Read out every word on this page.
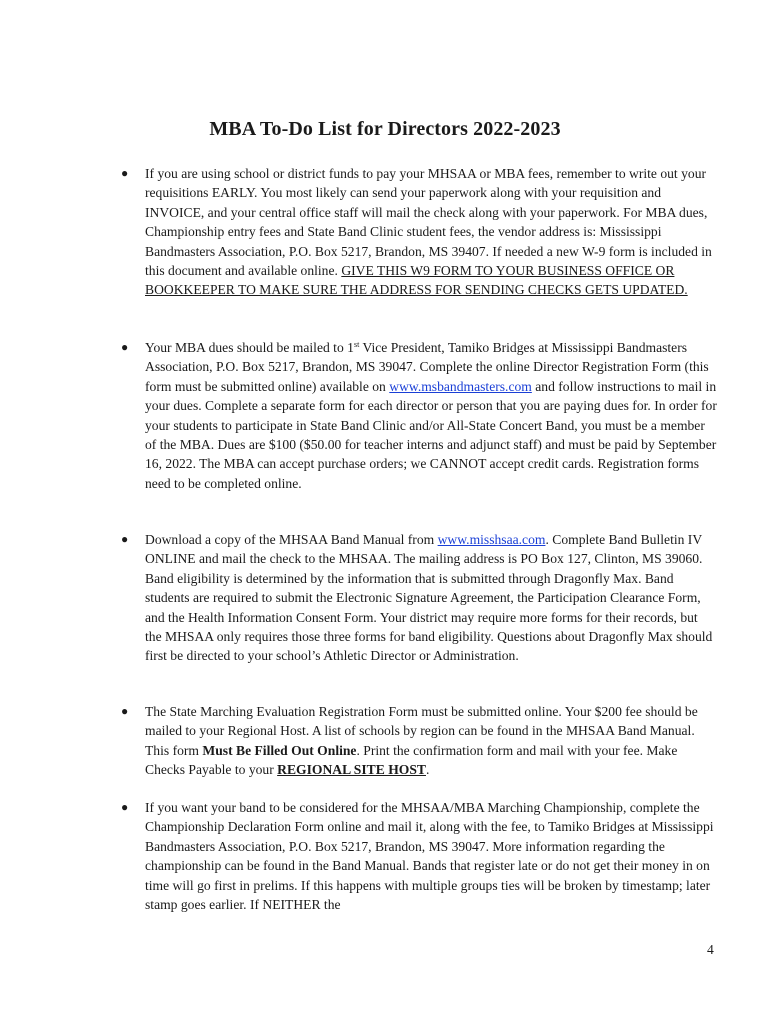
MBA To-Do List for Directors 2022-2023
● If you are using school or district funds to pay your MHSAA or MBA fees, remember to write out your requisitions EARLY. You most likely can send your paperwork along with your requisition and INVOICE, and your central office staff will mail the check along with your paperwork. For MBA dues, Championship entry fees and State Band Clinic student fees, the vendor address is: Mississippi Bandmasters Association, P.O. Box 5217, Brandon, MS 39407. If needed a new W-9 form is included in this document and available online. GIVE THIS W9 FORM TO YOUR BUSINESS OFFICE OR BOOKKEEPER TO MAKE SURE THE ADDRESS FOR SENDING CHECKS GETS UPDATED.
● Your MBA dues should be mailed to 1st Vice President, Tamiko Bridges at Mississippi Bandmasters Association, P.O. Box 5217, Brandon, MS 39047. Complete the online Director Registration Form (this form must be submitted online) available on www.msbandmasters.com and follow instructions to mail in your dues. Complete a separate form for each director or person that you are paying dues for. In order for your students to participate in State Band Clinic and/or All-State Concert Band, you must be a member of the MBA. Dues are $100 ($50.00 for teacher interns and adjunct staff) and must be paid by September 16, 2022. The MBA can accept purchase orders; we CANNOT accept credit cards. Registration forms need to be completed online.
● Download a copy of the MHSAA Band Manual from www.misshsaa.com. Complete Band Bulletin IV ONLINE and mail the check to the MHSAA. The mailing address is PO Box 127, Clinton, MS 39060. Band eligibility is determined by the information that is submitted through Dragonfly Max. Band students are required to submit the Electronic Signature Agreement, the Participation Clearance Form, and the Health Information Consent Form. Your district may require more forms for their records, but the MHSAA only requires those three forms for band eligibility. Questions about Dragonfly Max should first be directed to your school’s Athletic Director or Administration.
● The State Marching Evaluation Registration Form must be submitted online. Your $200 fee should be mailed to your Regional Host. A list of schools by region can be found in the MHSAA Band Manual. This form Must Be Filled Out Online. Print the confirmation form and mail with your fee. Make Checks Payable to your REGIONAL SITE HOST.
● If you want your band to be considered for the MHSAA/MBA Marching Championship, complete the Championship Declaration Form online and mail it, along with the fee, to Tamiko Bridges at Mississippi Bandmasters Association, P.O. Box 5217, Brandon, MS 39047. More information regarding the championship can be found in the Band Manual. Bands that register late or do not get their money in on time will go first in prelims. If this happens with multiple groups ties will be broken by timestamp; later stamp goes earlier. If NEITHER the
4
